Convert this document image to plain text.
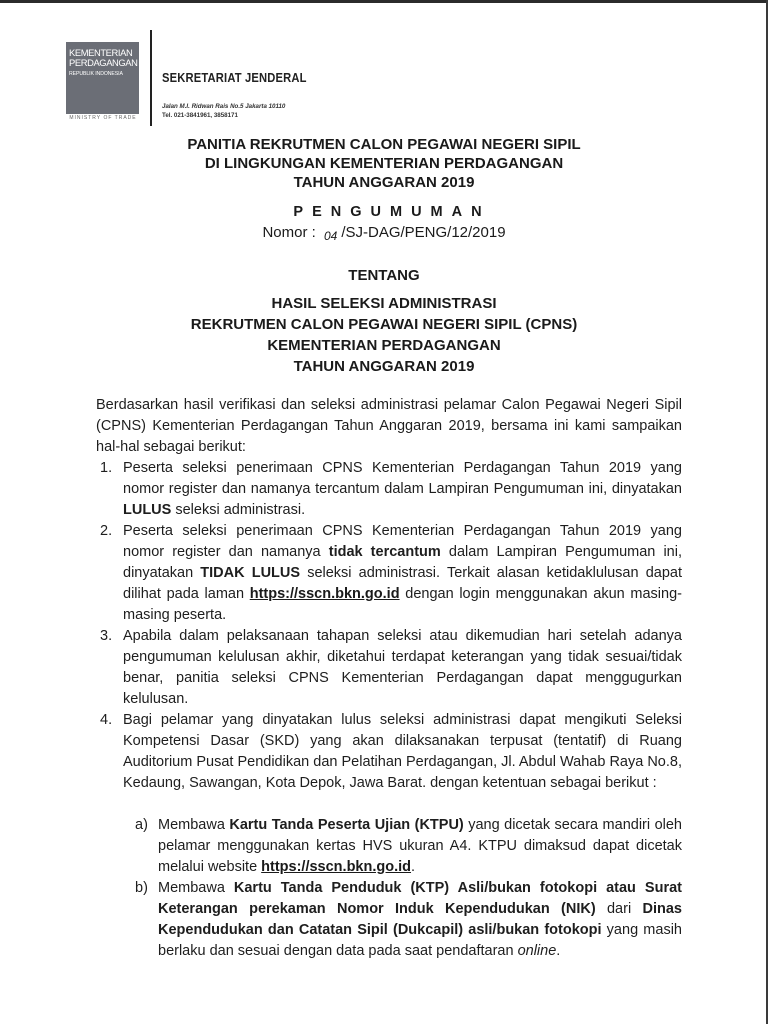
KEMENTERIAN
PERDAGANGAN
REPUBLIK INDONESIA
MINISTRY OF TRADE
SEKRETARIAT JENDERAL
Jalan M.I. Ridwan Rais No.5 Jakarta 10110
Tel. 021-3841961, 3858171
PANITIA REKRUTMEN CALON PEGAWAI NEGERI SIPIL
DI LINGKUNGAN KEMENTERIAN PERDAGANGAN
TAHUN ANGGARAN 2019
PENGUMUMAN
Nomor : $_{04}$ /SJ-DAG/PENG/12/2019
TENTANG
HASIL SELEKSI ADMINISTRASI
REKRUTMEN CALON PEGAWAI NEGERI SIPIL (CPNS)
KEMENTERIAN PERDAGANGAN
TAHUN ANGGARAN 2019
Berdasarkan hasil verifikasi dan seleksi administrasi pelamar Calon Pegawai Negeri Sipil (CPNS) Kementerian Perdagangan Tahun Anggaran 2019, bersama ini kami sampaikan hal-hal sebagai berikut:
1. Peserta seleksi penerimaan CPNS Kementerian Perdagangan Tahun 2019 yang nomor register dan namanya tercantum dalam Lampiran Pengumuman ini, dinyatakan LULUS seleksi administrasi.
2. Peserta seleksi penerimaan CPNS Kementerian Perdagangan Tahun 2019 yang nomor register dan namanya tidak tercantum dalam Lampiran Pengumuman ini, dinyatakan TIDAK LULUS seleksi administrasi. Terkait alasan ketidaklulusan dapat dilihat pada laman https://sscn.bkn.go.id dengan login menggunakan akun masing-masing peserta.
3. Apabila dalam pelaksanaan tahapan seleksi atau dikemudian hari setelah adanya pengumuman kelulusan akhir, diketahui terdapat keterangan yang tidak sesuai/tidak benar, panitia seleksi CPNS Kementerian Perdagangan dapat menggugurkan kelulusan.
4. Bagi pelamar yang dinyatakan lulus seleksi administrasi dapat mengikuti Seleksi Kompetensi Dasar (SKD) yang akan dilaksanakan terpusat (tentatif) di Ruang Auditorium Pusat Pendidikan dan Pelatihan Perdagangan, Jl. Abdul Wahab Raya No.8, Kedaung, Sawangan, Kota Depok, Jawa Barat. dengan ketentuan sebagai berikut :
a) Membawa Kartu Tanda Peserta Ujian (KTPU) yang dicetak secara mandiri oleh pelamar menggunakan kertas HVS ukuran A4. KTPU dimaksud dapat dicetak melalui website https://sscn.bkn.go.id.
b) Membawa Kartu Tanda Penduduk (KTP) Asli/bukan fotokopi atau Surat Keterangan perekaman Nomor Induk Kependudukan (NIK) dari Dinas Kependudukan dan Catatan Sipil (Dukcapil) asli/bukan fotokopi yang masih berlaku dan sesuai dengan data pada saat pendaftaran online.
